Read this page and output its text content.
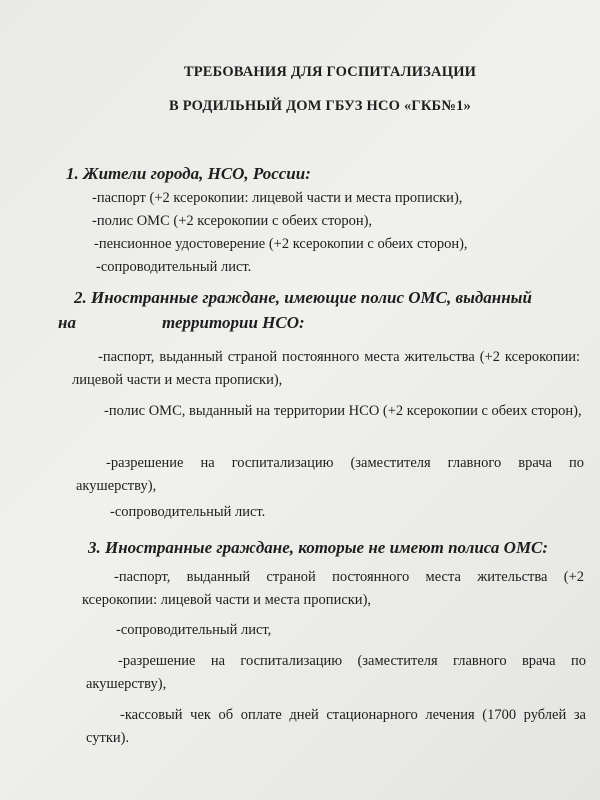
ТРЕБОВАНИЯ ДЛЯ ГОСПИТАЛИЗАЦИИ
В РОДИЛЬНЫЙ ДОМ ГБУЗ НСО «ГКБ№1»
1. Жители города, НСО, России:
-паспорт (+2 ксерокопии: лицевой части и места прописки),
-полис ОМС (+2 ксерокопии с обеих сторон),
-пенсионное удостоверение (+2 ксерокопии с обеих сторон),
-сопроводительный лист.
2. Иностранные граждане, имеющие полис ОМС, выданный
на	территории НСО:
-паспорт, выданный страной постоянного места жительства (+2 ксерокопии: лицевой части и места прописки),
-полис ОМС, выданный на территории НСО (+2 ксерокопии с обеих сторон),
-разрешение на госпитализацию (заместителя главного врача по акушерству),
-сопроводительный лист.
3. Иностранные граждане, которые не имеют полиса ОМС:
-паспорт, выданный страной постоянного места жительства (+2 ксерокопии: лицевой части и места прописки),
-сопроводительный лист,
-разрешение на госпитализацию (заместителя главного врача по акушерству),
-кассовый чек об оплате дней стационарного лечения (1700 рублей за сутки).
